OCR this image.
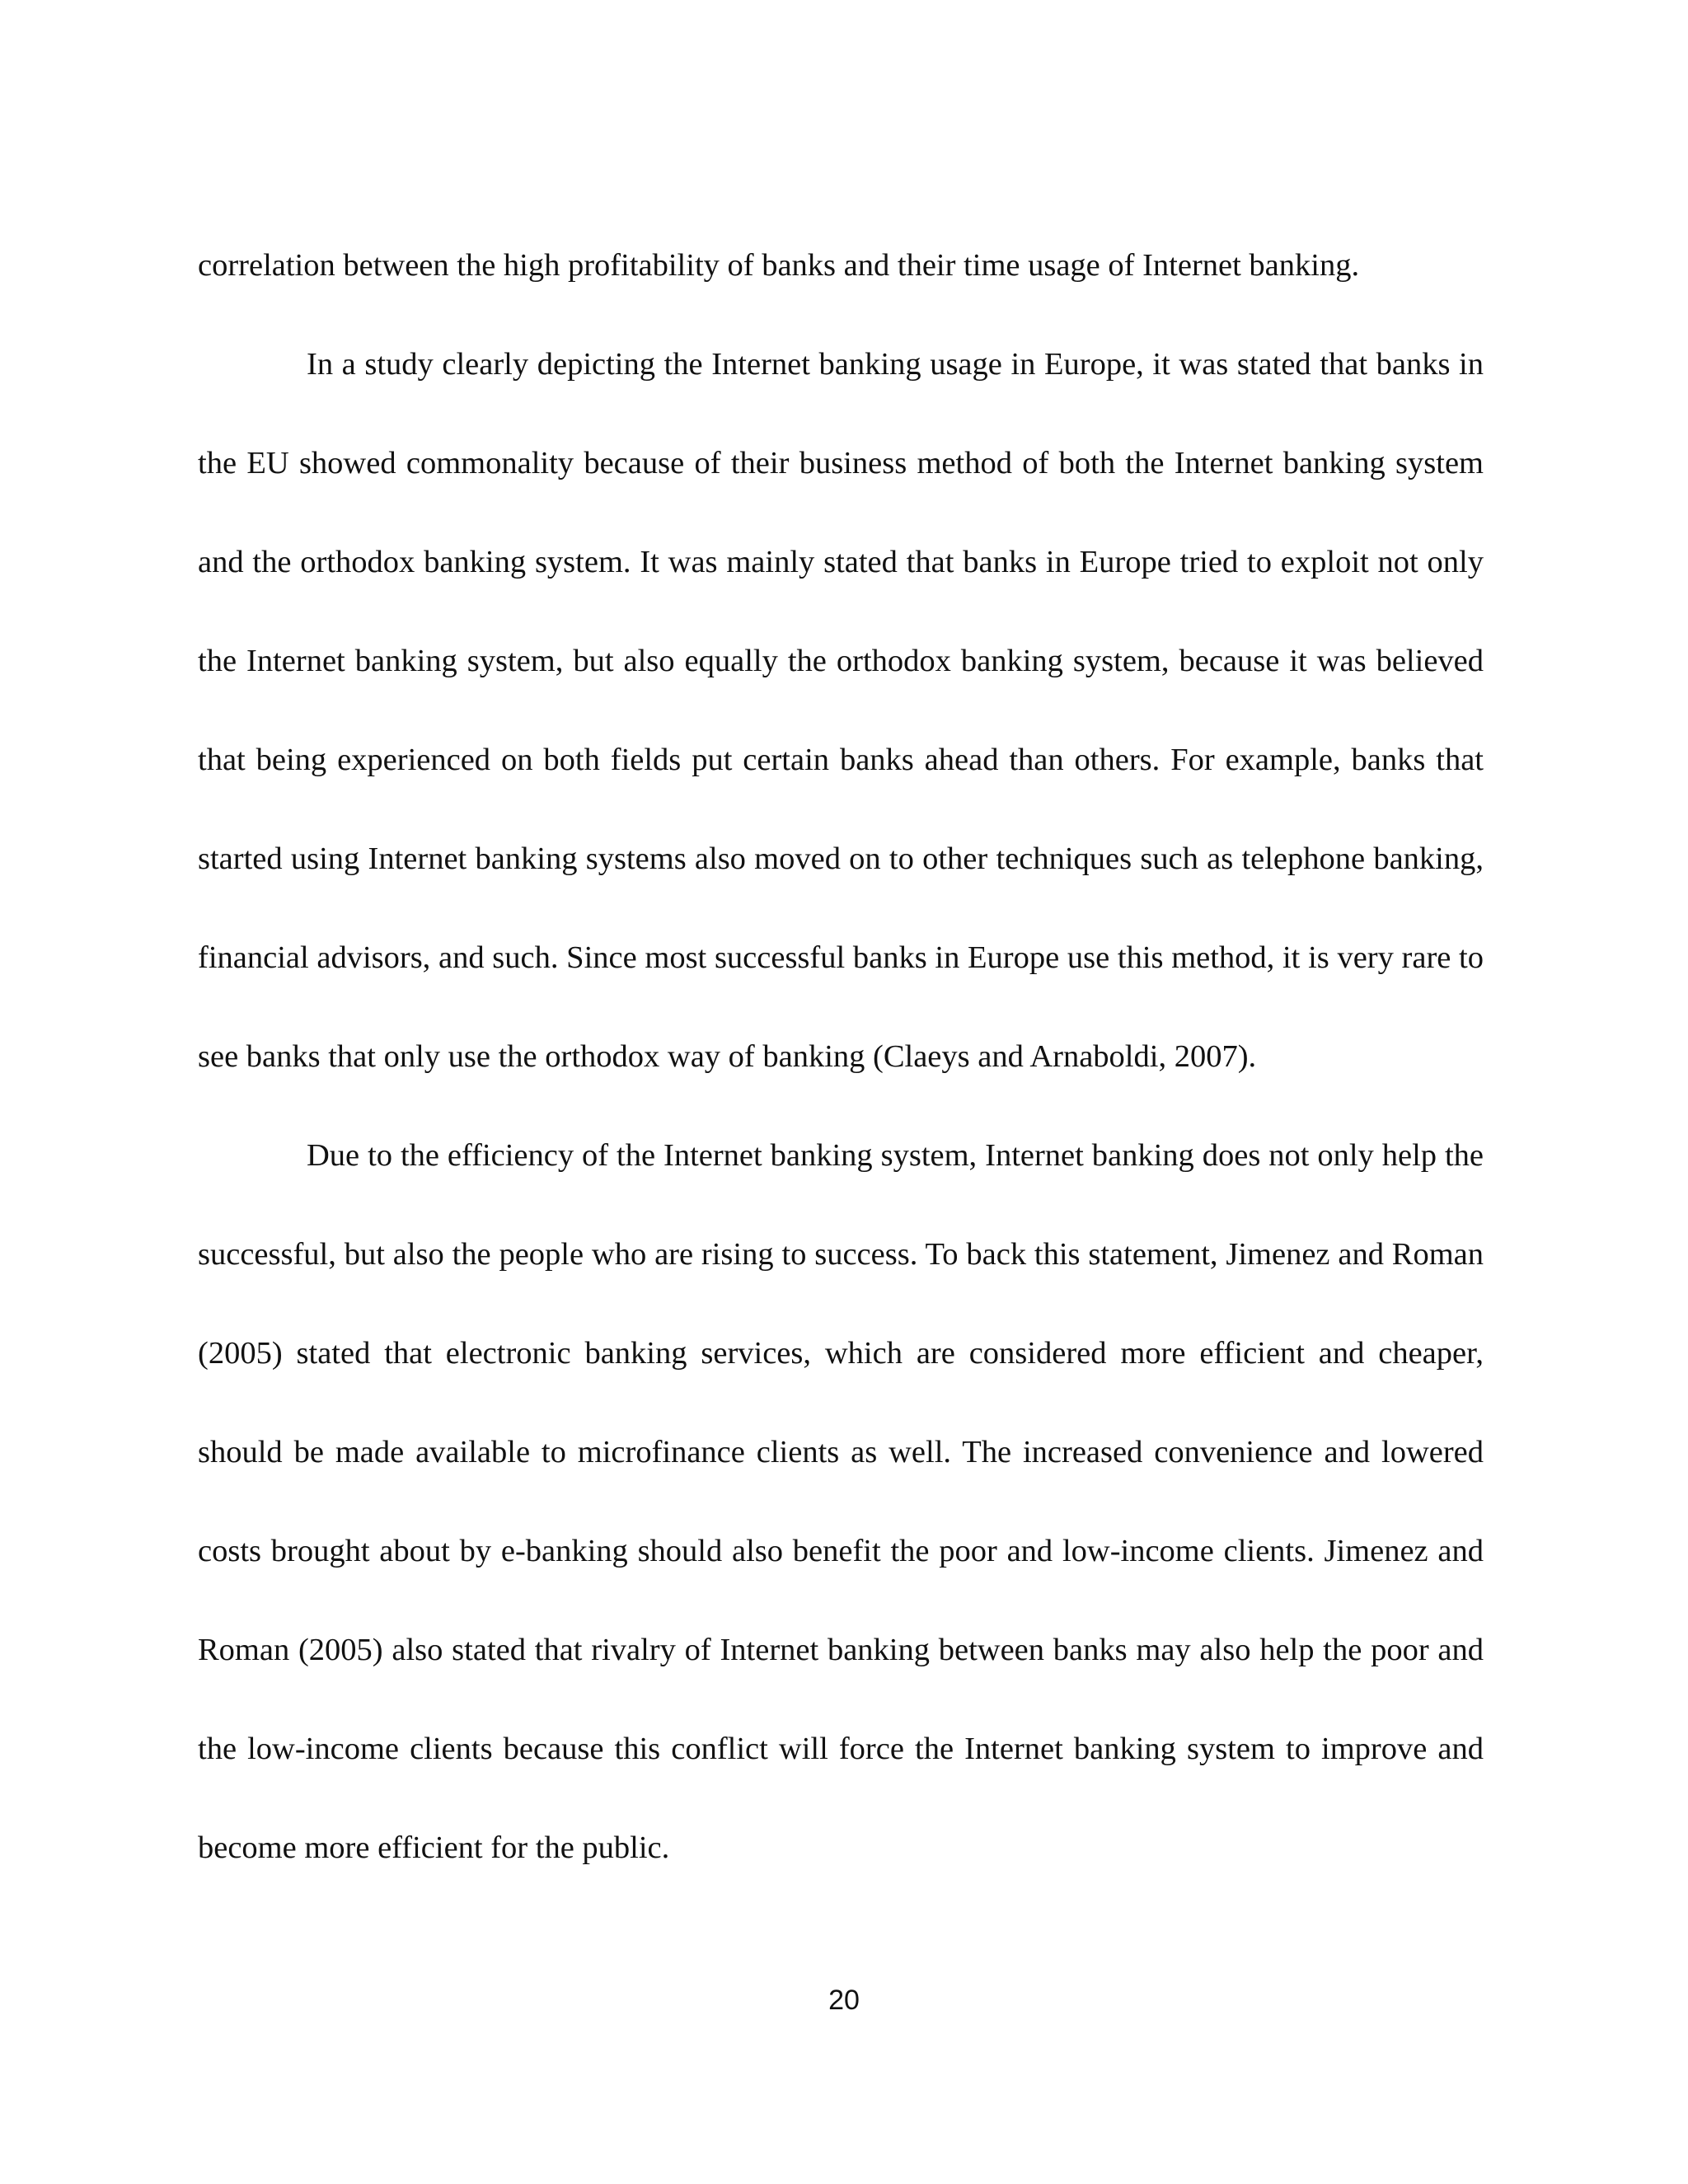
correlation between the high profitability of banks and their time usage of Internet banking.

In a study clearly depicting the Internet banking usage in Europe, it was stated that banks in the EU showed commonality because of their business method of both the Internet banking system and the orthodox banking system. It was mainly stated that banks in Europe tried to exploit not only the Internet banking system, but also equally the orthodox banking system, because it was believed that being experienced on both fields put certain banks ahead than others. For example, banks that started using Internet banking systems also moved on to other techniques such as telephone banking, financial advisors, and such. Since most successful banks in Europe use this method, it is very rare to see banks that only use the orthodox way of banking (Claeys and Arnaboldi, 2007).

Due to the efficiency of the Internet banking system, Internet banking does not only help the successful, but also the people who are rising to success. To back this statement, Jimenez and Roman (2005) stated that electronic banking services, which are considered more efficient and cheaper, should be made available to microfinance clients as well. The increased convenience and lowered costs brought about by e-banking should also benefit the poor and low-income clients. Jimenez and Roman (2005) also stated that rivalry of Internet banking between banks may also help the poor and the low-income clients because this conflict will force the Internet banking system to improve and become more efficient for the public.

20
